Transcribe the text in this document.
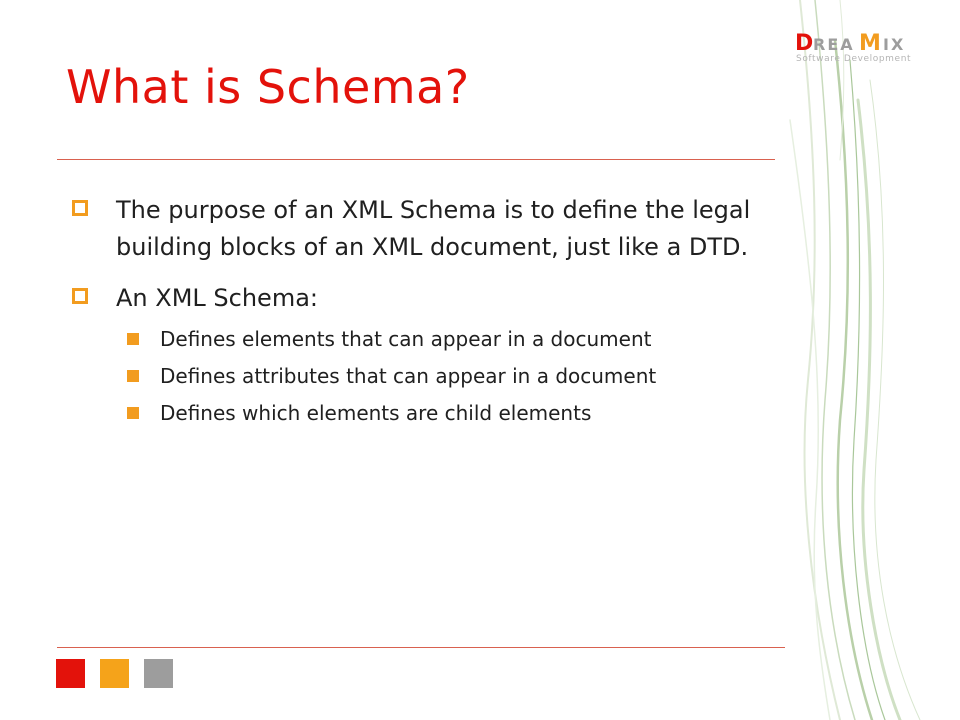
D REA M IX
Software Development
What is Schema?
The purpose of an XML Schema is to define the legal building blocks of an XML document, just like a DTD.
An XML Schema:
Defines elements that can appear in a document
Defines attributes that can appear in a document
Defines which elements are child elements
